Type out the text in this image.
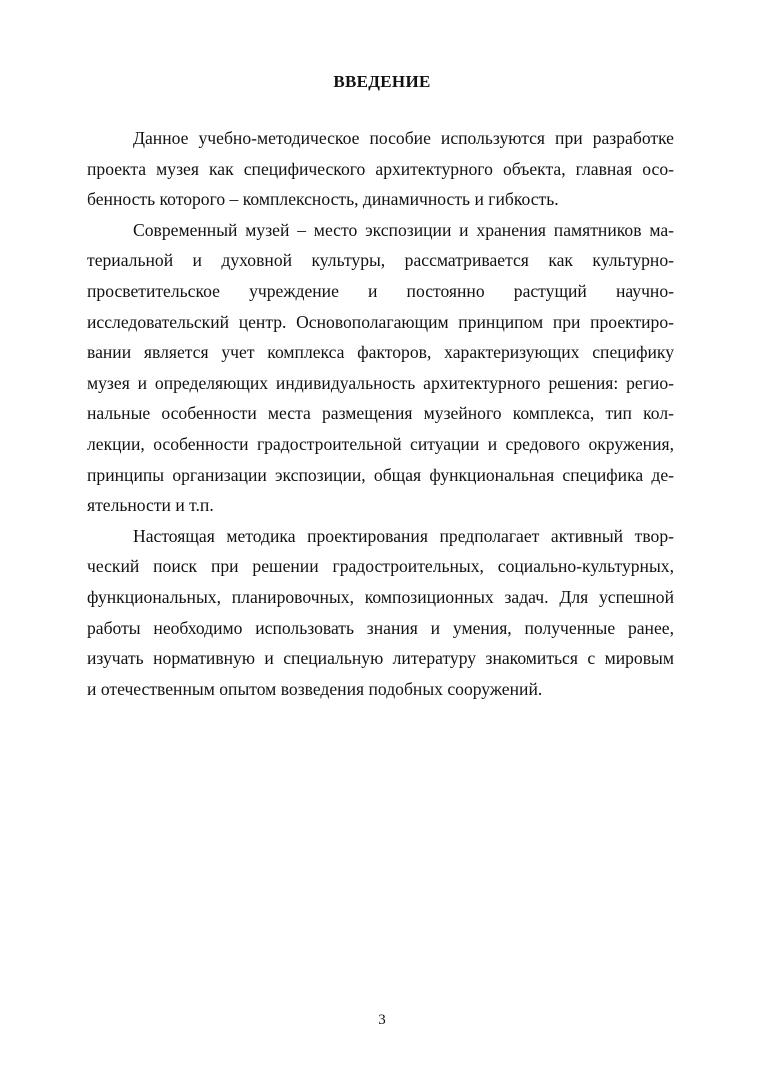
ВВЕДЕНИЕ
Данное учебно-методическое пособие используются при разработке
проекта музея как специфического архитектурного объекта, главная осо-
бенность которого – комплексность, динамичность и гибкость.
Современный музей – место экспозиции и хранения памятников ма-
териальной и духовной культуры, рассматривается как культурно-
просветительское учреждение и постоянно растущий научно-
исследовательский центр. Основополагающим принципом при проектиро-
вании является учет комплекса факторов, характеризующих специфику
музея и определяющих индивидуальность архитектурного решения: регио-
нальные особенности места размещения музейного комплекса, тип кол-
лекции, особенности градостроительной ситуации и средового окружения,
принципы организации экспозиции, общая функциональная специфика де-
ятельности и т.п.
Настоящая методика проектирования предполагает активный твор-
ческий поиск при решении градостроительных, социально-культурных,
функциональных, планировочных, композиционных задач. Для успешной
работы необходимо использовать знания и умения, полученные ранее,
изучать нормативную и специальную литературу знакомиться с мировым
и отечественным опытом возведения подобных сооружений.
3
